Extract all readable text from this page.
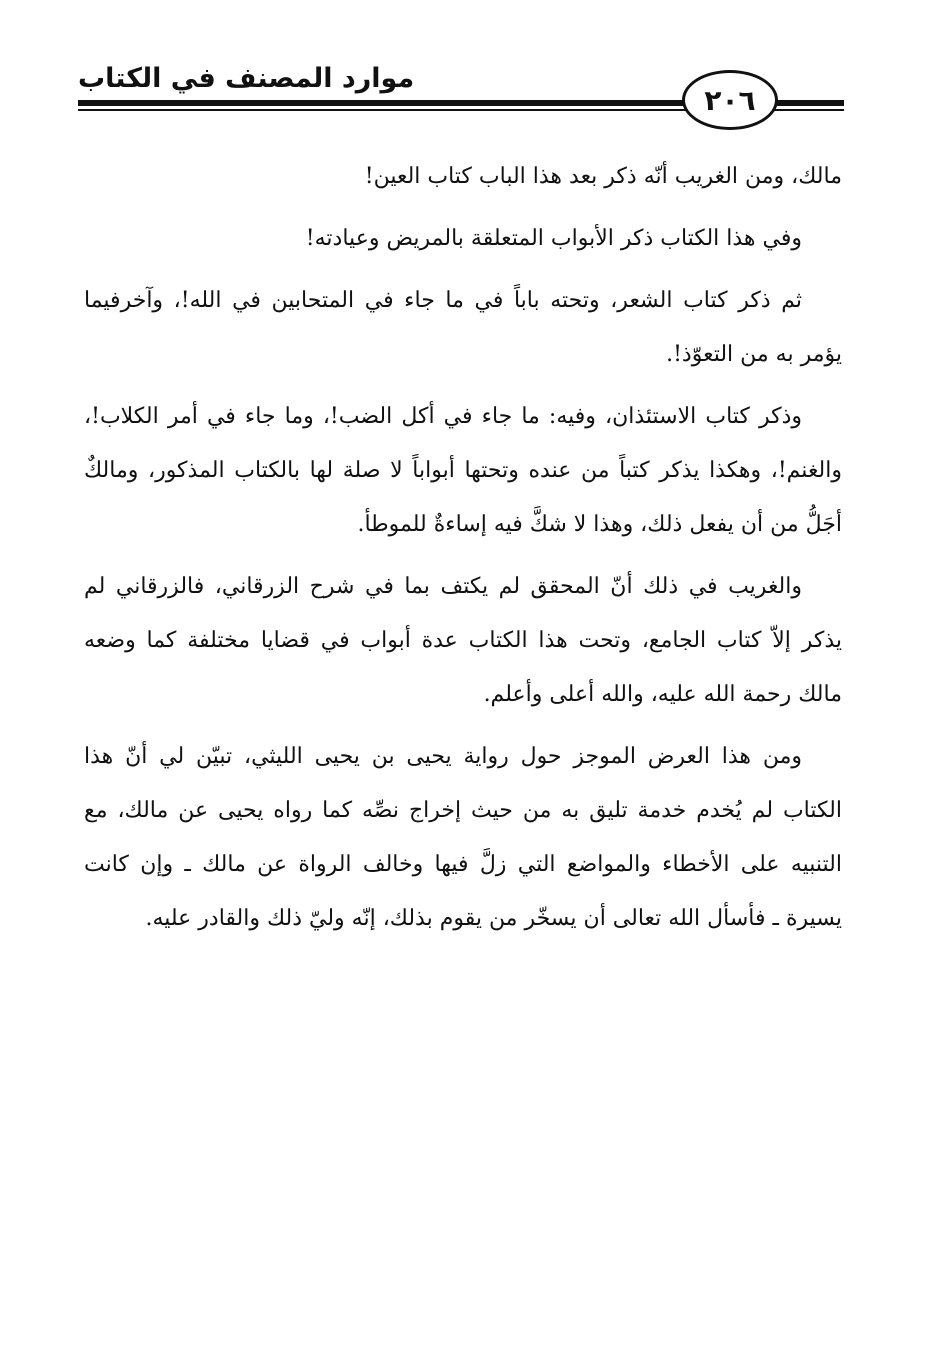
موارد المصنف في الكتاب
٢٠٦

مالك، ومن الغريب أنّه ذكر بعد هذا الباب كتاب العين!

وفي هذا الكتاب ذكر الأبواب المتعلقة بالمريض وعيادته!

ثم ذكر كتاب الشعر، وتحته باباً في ما جاء في المتحابين في الله!، وآخرفيما يؤمر به من التعوّذ!.

وذكر كتاب الاستئذان، وفيه: ما جاء في أكل الضب!، وما جاء في أمر الكلاب!، والغنم!، وهكذا يذكر كتباً من عنده وتحتها أبواباً لا صلة لها بالكتاب المذكور، ومالكٌ أجَلُّ من أن يفعل ذلك، وهذا لا شكَّ فيه إساءةٌ للموطأ.

والغريب في ذلك أنّ المحقق لم يكتف بما في شرح الزرقاني، فالزرقاني لم يذكر إلاّ كتاب الجامع، وتحت هذا الكتاب عدة أبواب في قضايا مختلفة كما وضعه مالك رحمة الله عليه، والله أعلى وأعلم.

ومن هذا العرض الموجز حول رواية يحيى بن يحيى الليثي، تبيّن لي أنّ هذا الكتاب لم يُخدم خدمة تليق به من حيث إخراج نصِّه كما رواه يحيى عن مالك، مع التنبيه على الأخطاء والمواضع التي زلَّ فيها وخالف الرواة عن مالك ـ وإن كانت يسيرة ـ فأسأل الله تعالى أن يسخّر من يقوم بذلك، إنّه وليّ ذلك والقادر عليه.
